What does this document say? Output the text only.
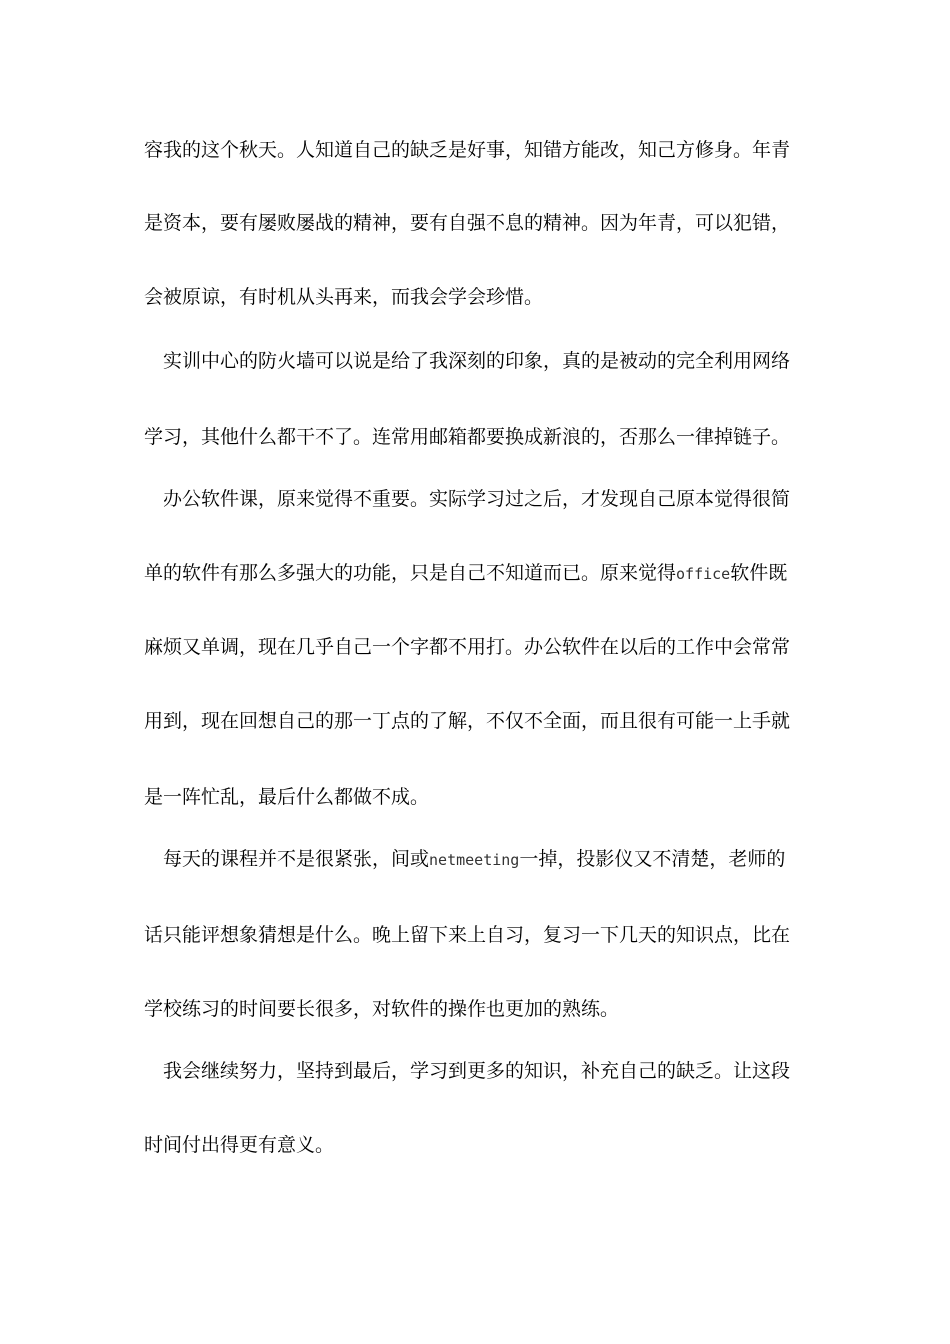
容我的这个秋天。人知道自己的缺乏是好事，知错方能改，知己方修身。年青
是资本，要有屡败屡战的精神，要有自强不息的精神。因为年青，可以犯错，
会被原谅，有时机从头再来，而我会学会珍惜。
　实训中心的防火墙可以说是给了我深刻的印象，真的是被动的完全利用网络
学习，其他什么都干不了。连常用邮箱都要换成新浪的，否那么一律掉链子。
　办公软件课，原来觉得不重要。实际学习过之后，才发现自己原本觉得很简
单的软件有那么多强大的功能，只是自己不知道而已。原来觉得office软件既
麻烦又单调，现在几乎自己一个字都不用打。办公软件在以后的工作中会常常
用到，现在回想自己的那一丁点的了解，不仅不全面，而且很有可能一上手就
是一阵忙乱，最后什么都做不成。
　每天的课程并不是很紧张，间或netmeeting一掉，投影仪又不清楚，老师的
话只能评想象猜想是什么。晚上留下来上自习，复习一下几天的知识点，比在
学校练习的时间要长很多，对软件的操作也更加的熟练。
　我会继续努力，坚持到最后，学习到更多的知识，补充自己的缺乏。让这段
时间付出得更有意义。
